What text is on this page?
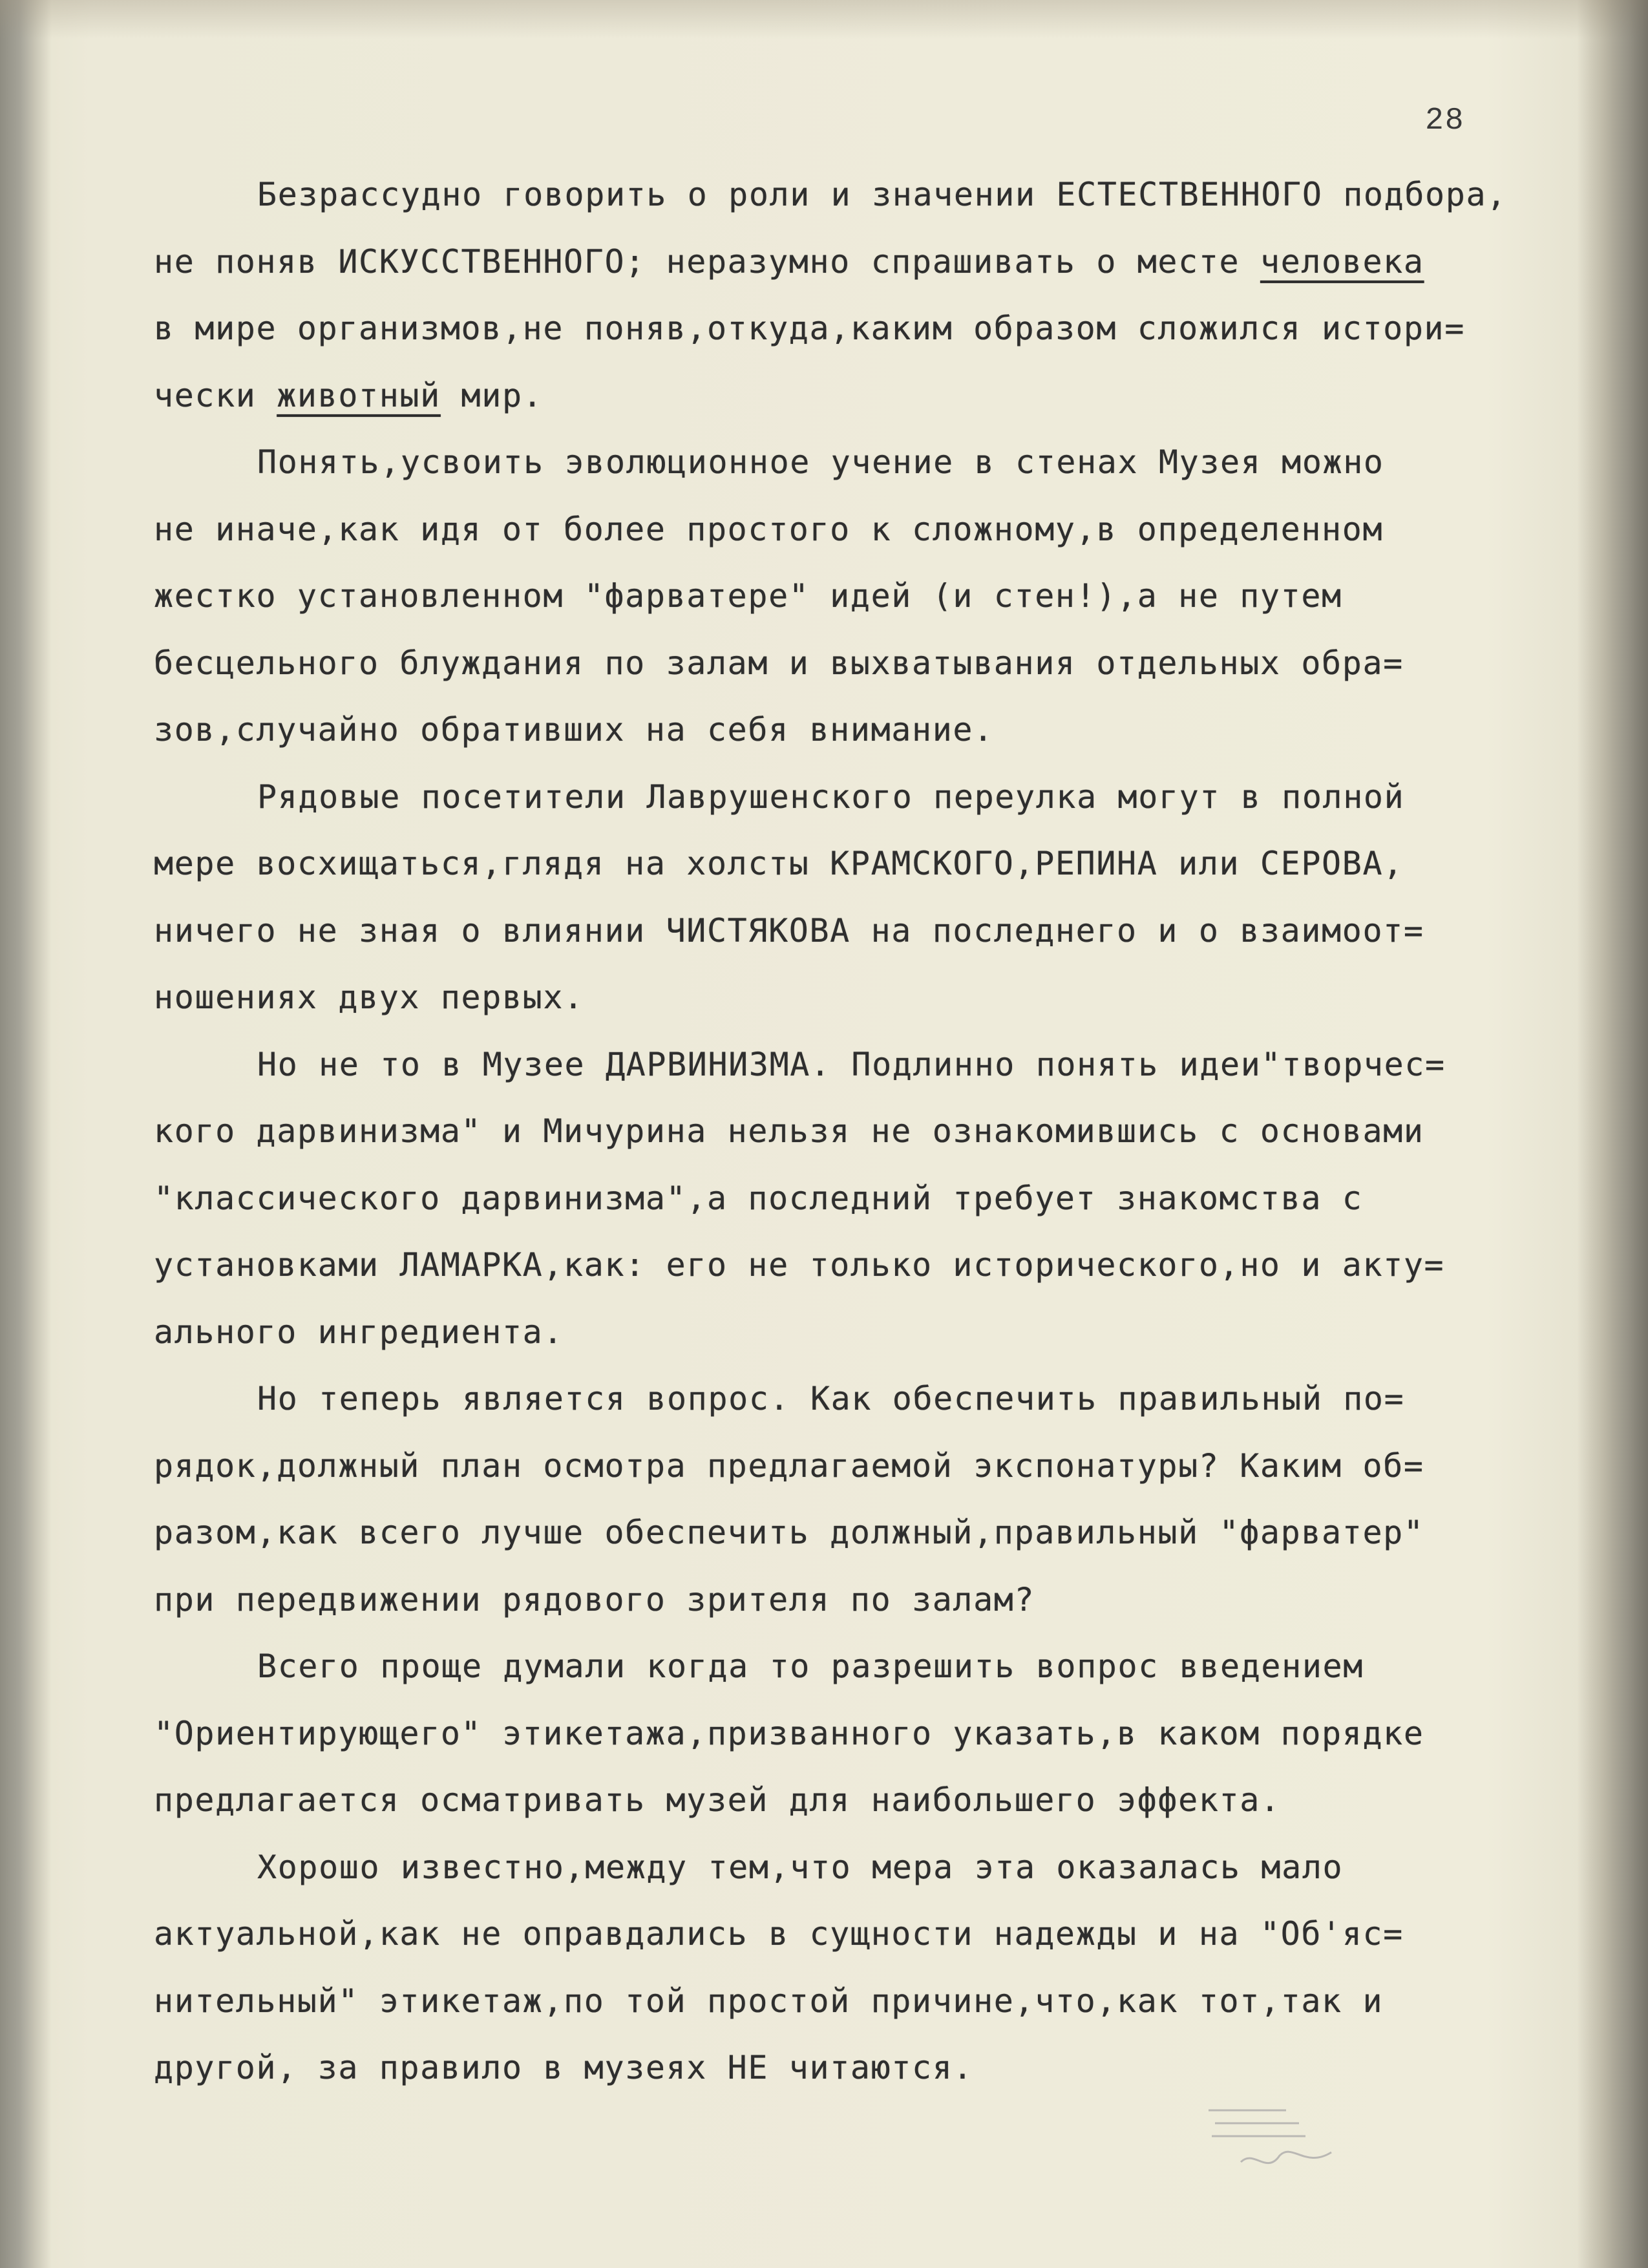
28
Безрассудно говорить о роли и значении ЕСТЕСТВЕННОГО подбора,
не поняв ИСКУССТВЕННОГО; неразумно спрашивать о месте человека
в мире организмов,не поняв,откуда,каким образом сложился истори=
чески животный мир.
Понять,усвоить эволюционное учение в стенах Музея можно
не иначе,как идя от более простого к сложному,в определенном
жестко установленном "фарватере" идей (и стен!),а не путем
бесцельного блуждания по залам и выхватывания отдельных обра=
зов,случайно обративших на себя внимание.
Рядовые посетители Лаврушенского переулка могут в полной
мере восхищаться,глядя на холсты КРАМСКОГО,РЕПИНА или СЕРОВА,
ничего не зная о влиянии ЧИСТЯКОВА на последнего и о взаимоот=
ношениях двух первых.
Но не то в Музее ДАРВИНИЗМА. Подлинно понять идеи"творчес=
кого дарвинизма" и Мичурина нельзя не ознакомившись с основами
"классического дарвинизма",а последний требует знакомства с
установками ЛАМАРКА,как: его не только исторического,но и акту=
ального ингредиента.
Но теперь является вопрос. Как обеспечить правильный по=
рядок,должный план осмотра предлагаемой экспонатуры? Каким об=
разом,как всего лучше обеспечить должный,правильный "фарватер"
при передвижении рядового зрителя по залам?
Всего проще думали когда то разрешить вопрос введением
"Ориентирующего" этикетажа,призванного указать,в каком порядке
предлагается осматривать музей для наибольшего эффекта.
Хорошо известно,между тем,что мера эта оказалась мало
актуальной,как не оправдались в сущности надежды и на "Об'яс=
нительный" этикетаж,по той простой причине,что,как тот,так и
другой, за правило в музеях НЕ читаются.
